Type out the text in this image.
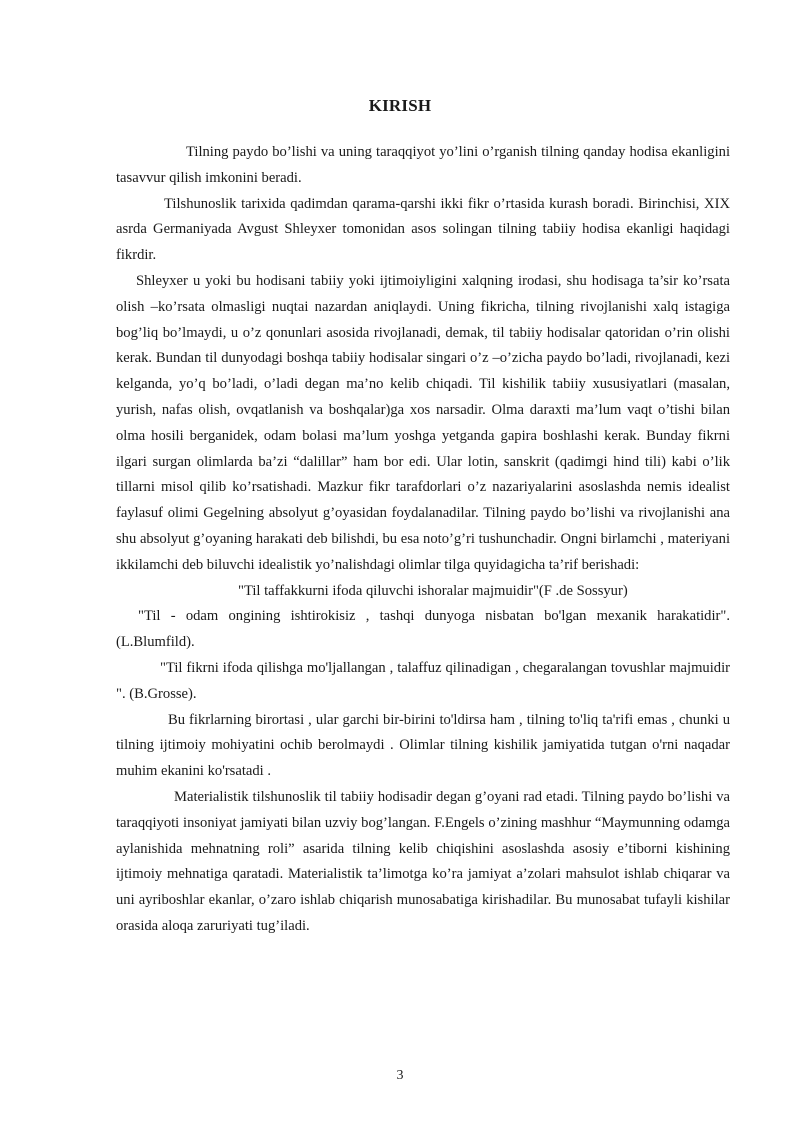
KIRISH

Tilning paydo bo’lishi va uning taraqqiyot yo’lini o’rganish tilning qanday hodisa ekanligini tasavvur qilish imkonini beradi.

Tilshunoslik tarixida qadimdan qarama-qarshi ikki fikr o’rtasida kurash boradi. Birinchisi, XIX asrda Germaniyada Avgust Shleyxer tomonidan asos solingan tilning tabiiy hodisa ekanligi haqidagi fikrdir.

Shleyxer u yoki bu hodisani tabiiy yoki ijtimoiyligini xalqning irodasi, shu hodisaga ta’sir ko’rsata olish –ko’rsata olmasligi nuqtai nazardan aniqlaydi. Uning fikricha, tilning rivojlanishi xalq istagiga bog’liq bo’lmaydi, u o’z qonunlari asosida rivojlanadi, demak, til tabiiy hodisalar qatoridan o’rin olishi kerak. Bundan til dunyodagi boshqa tabiiy hodisalar singari o’z –o’zicha paydo bo’ladi, rivojlanadi, kezi kelganda, yo’q bo’ladi, o’ladi degan ma’no kelib chiqadi. Til kishilik tabiiy xususiyatlari (masalan, yurish, nafas olish, ovqatlanish va boshqalar)ga xos narsadir. Olma daraxti ma’lum vaqt o’tishi bilan olma hosili berganidek, odam bolasi ma’lum yoshga yetganda gapira boshlashi kerak. Bunday fikrni ilgari surgan olimlarda ba’zi “dalillar” ham bor edi. Ular lotin, sanskrit (qadimgi hind tili) kabi o’lik tillarni misol qilib ko’rsatishadi. Mazkur fikr tarafdorlari o’z nazariyalarini asoslashda nemis idealist faylasuf olimi Gegelning absolyut g’oyasidan foydalanadilar. Tilning paydo bo’lishi va rivojlanishi ana shu absolyut g’oyaning harakati deb bilishdi, bu esa noto’g’ri tushunchadir. Ongni birlamchi , materiyani ikkilamchi deb biluvchi idealistik yo’nalishdagi olimlar tilga quyidagicha ta’rif berishadi:

"Til taffakkurni ifoda qiluvchi ishoralar majmuidir"(F .de Sossyur)

"Til - odam ongining ishtirokisiz , tashqi dunyoga nisbatan bo'lgan mexanik harakatidir". (L.Blumfild).

"Til fikrni ifoda qilishga mo'ljallangan , talaffuz qilinadigan , chegaralangan tovushlar majmuidir ". (B.Grosse).

Bu fikrlarning birortasi , ular garchi bir-birini to'ldirsa ham , tilning to'liq ta'rifi emas , chunki u tilning ijtimoiy mohiyatini ochib berolmaydi . Olimlar tilning kishilik jamiyatida tutgan o'rni naqadar muhim ekanini ko'rsatadi .

Materialistik tilshunoslik til tabiiy hodisadir degan g’oyani rad etadi. Tilning paydo bo’lishi va taraqqiyoti insoniyat jamiyati bilan uzviy bog’langan. F.Engels o’zining mashhur “Maymunning odamga aylanishida mehnatning roli” asarida tilning kelib chiqishini asoslashda asosiy e’tiborni kishining ijtimoiy mehnatiga qaratadi. Materialistik ta’limotga ko’ra jamiyat a’zolari mahsulot ishlab chiqarar va uni ayriboshlar ekanlar, o’zaro ishlab chiqarish munosabatiga kirishadilar. Bu munosabat tufayli kishilar orasida aloqa zaruriyati tug’iladi.

3
